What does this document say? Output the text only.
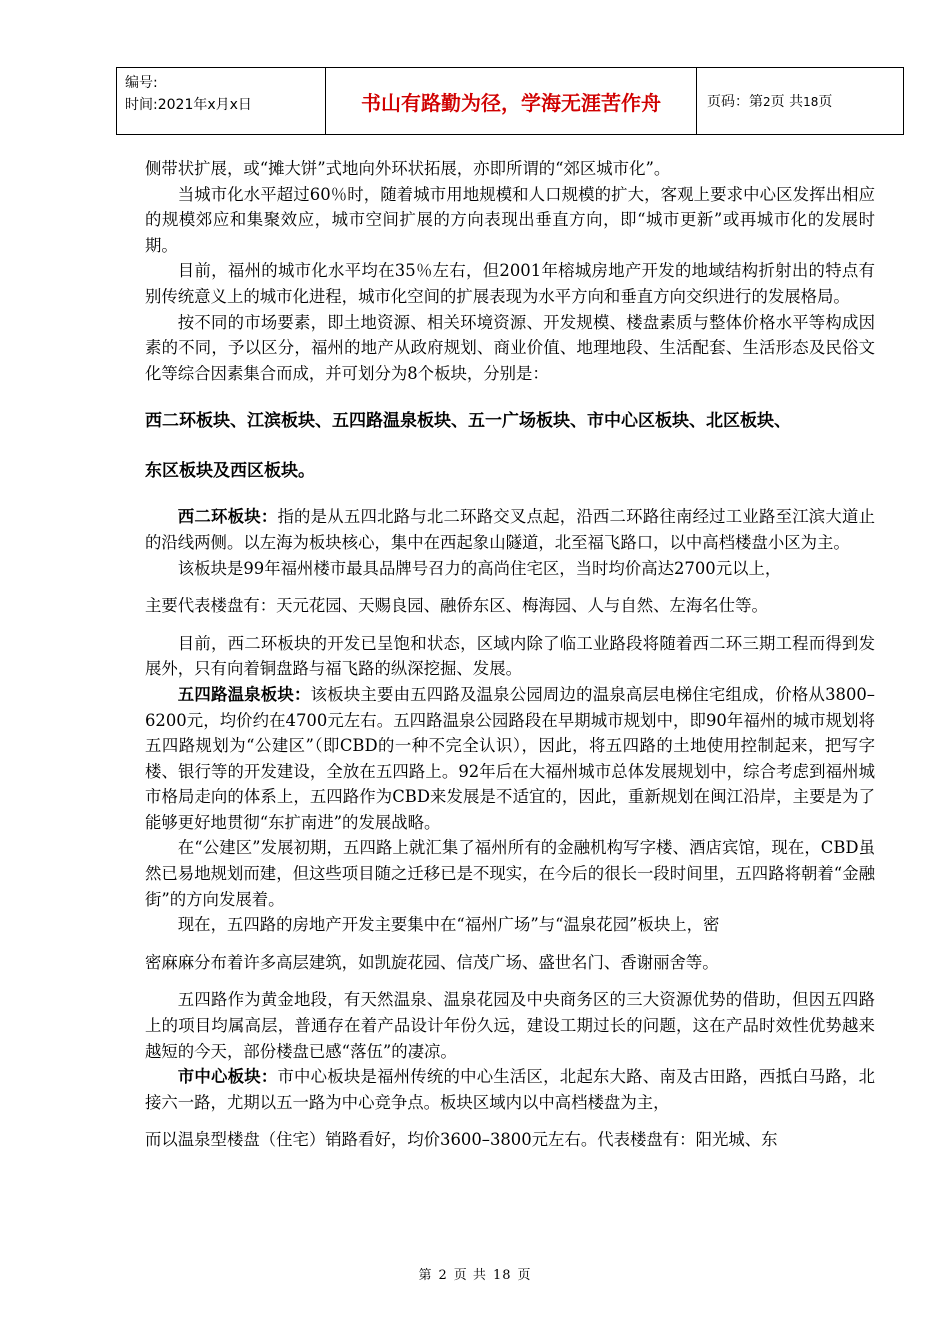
编号:
时间:2021年x月x日	书山有路勤为径，学海无涯苦作舟	页码：第2页 共18页

侧带状扩展，或“摊大饼”式地向外环状拓展，亦即所谓的“郊区城市化”。

当城市化水平超过60％时，随着城市用地规模和人口规模的扩大，客观上要求中心区发挥出相应的规模郊应和集聚效应，城市空间扩展的方向表现出垂直方向，即“城市更新”或再城市化的发展时期。

目前，福州的城市化水平均在35％左右，但2001年榕城房地产开发的地域结构折射出的特点有别传统意义上的城市化进程，城市化空间的扩展表现为水平方向和垂直方向交织进行的发展格局。

按不同的市场要素，即土地资源、相关环境资源、开发规模、楼盘素质与整体价格水平等构成因素的不同，予以区分，福州的地产从政府规划、商业价值、地理地段、生活配套、生活形态及民俗文化等综合因素集合而成，并可划分为8个板块，分别是：

西二环板块、江滨板块、五四路温泉板块、五一广场板块、市中心区板块、北区板块、
东区板块及西区板块。

西二环板块：指的是从五四北路与北二环路交叉点起，沿西二环路往南经过工业路至江滨大道止的沿线两侧。以左海为板块核心，集中在西起象山隧道，北至福飞路口，以中高档楼盘小区为主。

该板块是99年福州楼市最具品牌号召力的高尚住宅区，当时均价高达2700元以上，

主要代表楼盘有：天元花园、天赐良园、融侨东区、梅海园、人与自然、左海名仕等。

目前，西二环板块的开发已呈饱和状态，区域内除了临工业路段将随着西二环三期工程而得到发展外，只有向着铜盘路与福飞路的纵深挖掘、发展。

五四路温泉板块：该板块主要由五四路及温泉公园周边的温泉高层电梯住宅组成，价格从3800–6200元，均价约在4700元左右。五四路温泉公园路段在早期城市规划中，即90年福州的城市规划将五四路规划为“公建区”（即CBD的一种不完全认识），因此，将五四路的土地使用控制起来，把写字楼、银行等的开发建设，全放在五四路上。92年后在大福州城市总体发展规划中，综合考虑到福州城市格局走向的体系上，五四路作为CBD来发展是不适宜的，因此，重新规划在闽江沿岸，主要是为了能够更好地贯彻“东扩南进”的发展战略。

在“公建区”发展初期，五四路上就汇集了福州所有的金融机构写字楼、酒店宾馆，现在，CBD虽然已易地规划而建，但这些项目随之迁移已是不现实，在今后的很长一段时间里，五四路将朝着“金融街”的方向发展着。

现在，五四路的房地产开发主要集中在“福州广场”与“温泉花园”板块上，密

密麻麻分布着许多高层建筑，如凯旋花园、信茂广场、盛世名门、香谢丽舍等。

五四路作为黄金地段，有天然温泉、温泉花园及中央商务区的三大资源优势的借助，但因五四路上的项目均属高层，普通存在着产品设计年份久远，建设工期过长的问题，这在产品时效性优势越来越短的今天，部份楼盘已感“落伍”的凄凉。

市中心板块：市中心板块是福州传统的中心生活区，北起东大路、南及古田路，西抵白马路，北接六一路，尤期以五一路为中心竞争点。板块区域内以中高档楼盘为主，

而以温泉型楼盘（住宅）销路看好，均价3600–3800元左右。代表楼盘有：阳光城、东

第 2 页 共 18 页
